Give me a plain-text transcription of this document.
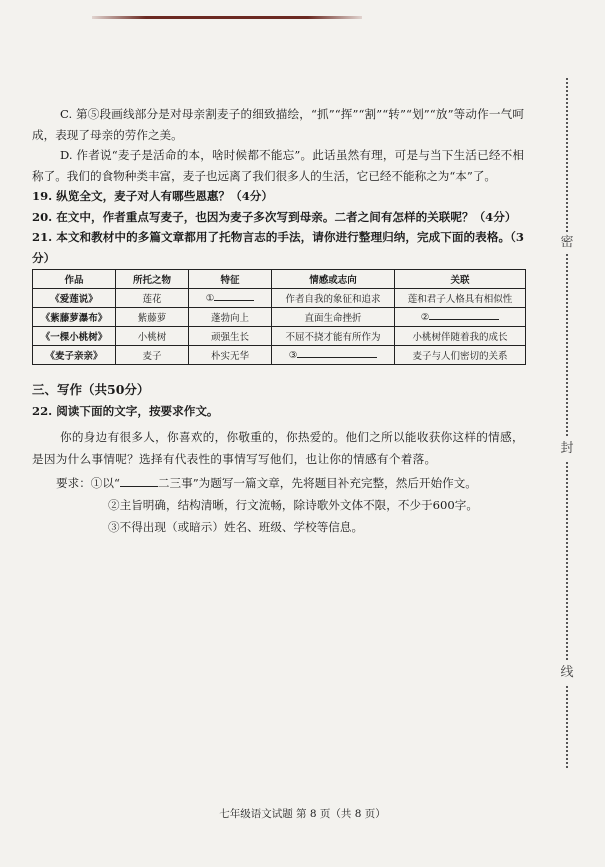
密
封
线

C. 第⑤段画线部分是对母亲割麦子的细致描绘，“抓”“挥”“割”“转”“划”“放”等动作一气呵成，表现了母亲的劳作之美。

D. 作者说“麦子是活命的本，啥时候都不能忘”。此话虽然有理，可是与当下生活已经不相称了。我们的食物种类丰富，麦子也远离了我们很多人的生活，它已经不能称之为“本”了。

19. 纵览全文，麦子对人有哪些恩惠？（4分）

20. 在文中，作者重点写麦子，也因为麦子多次写到母亲。二者之间有怎样的关联呢？（4分）

21. 本文和教材中的多篇文章都用了托物言志的手法，请你进行整理归纳，完成下面的表格。（3分）

作品	所托之物	特征	情感或志向	关联
《爱莲说》	莲花	①	作者自我的象征和追求	莲和君子人格具有相似性
《紫藤萝瀑布》	紫藤萝	蓬勃向上	直面生命挫折	②
《一棵小桃树》	小桃树	顽强生长	不屈不挠才能有所作为	小桃树伴随着我的成长
《麦子亲亲》	麦子	朴实无华	③	麦子与人们密切的关系
三、写作（共50分）

22. 阅读下面的文字，按要求作文。

你的身边有很多人，你喜欢的，你敬重的，你热爱的。他们之所以能收获你这样的情感，是因为什么事情呢？选择有代表性的事情写写他们，也让你的情感有个着落。

要求：①以“	二三事”为题写一篇文章，先将题目补充完整，然后开始作文。
②主旨明确，结构清晰，行文流畅，除诗歌外文体不限，不少于600字。
③不得出现（或暗示）姓名、班级、学校等信息。
七年级语文试题 第 8 页（共 8 页）
